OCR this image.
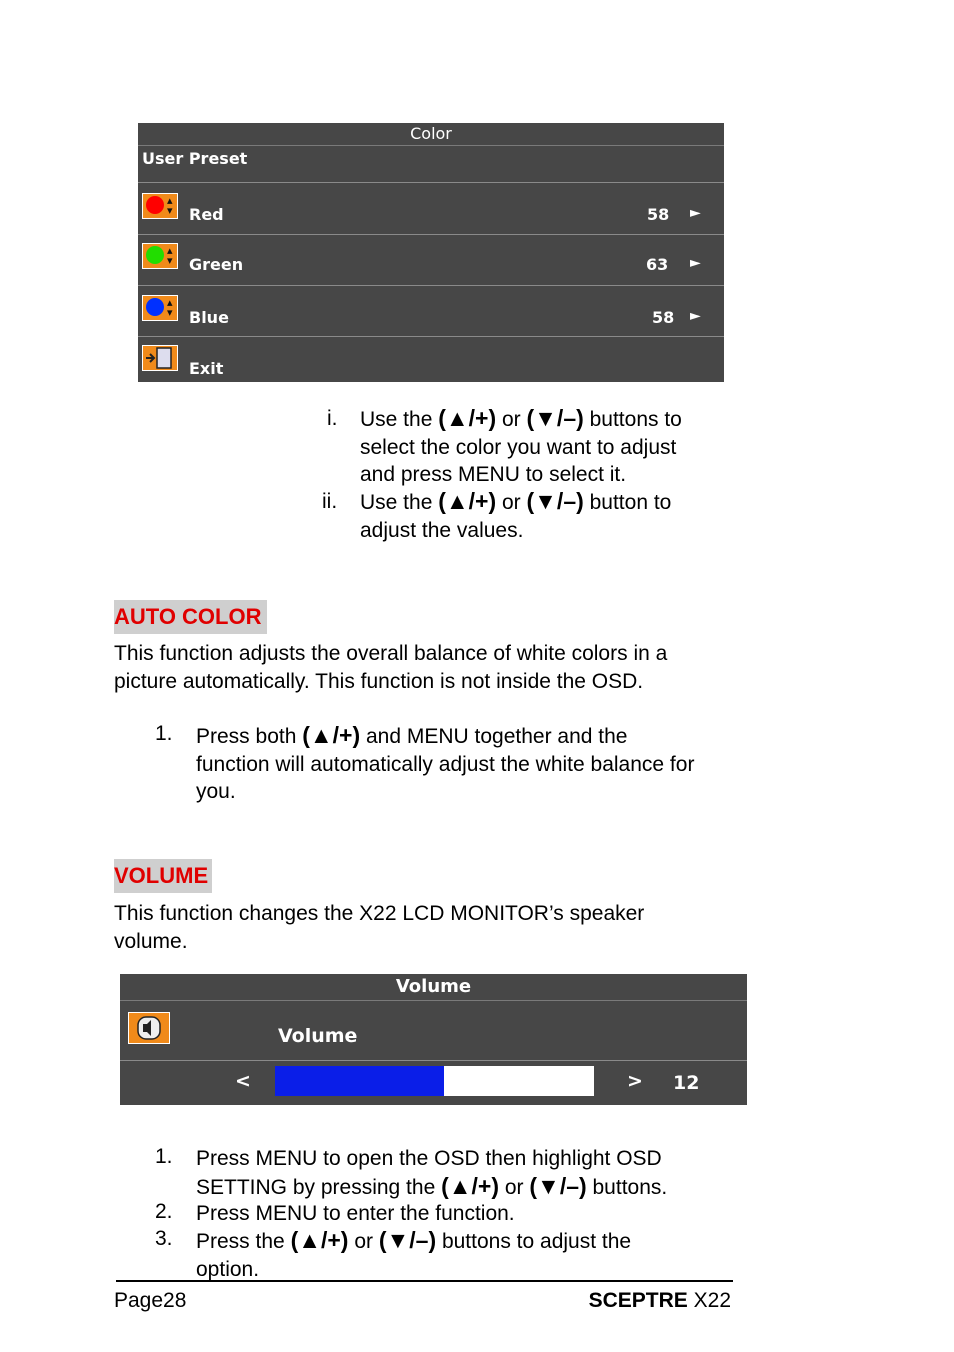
Color
User Preset
▴
▾ Red	58 ►
▴
▾ Green	63 ►
▴
▾ Blue	58 ►
Exit
i. Use the (▲/+) or (▼/–) buttons to
select the color you want to adjust
and press MENU to select it.
ii. Use the (▲/+) or (▼/–) button to
adjust the values.
AUTO COLOR
This function adjusts the overall balance of white colors in a
picture automatically. This function is not inside the OSD.
1. Press both (▲/+) and MENU together and the
function will automatically adjust the white balance for
you.
VOLUME
This function changes the X22 LCD MONITOR’s speaker
volume.
Volume
Volume
<	> 12
1. Press MENU to open the OSD then highlight OSD
SETTING by pressing the (▲/+) or (▼/–) buttons.
2. Press MENU to enter the function.
3. Press the (▲/+) or (▼/–) buttons to adjust the
option.
Page28	SCEPTRE X22
